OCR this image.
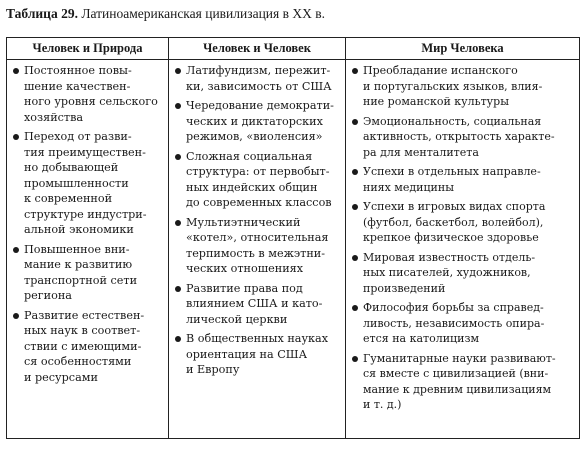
Таблица 29. Латиноамериканская цивилизация в XX в.
Человек и Природа	Человек и Человек	Мир Человека
Постоянное повы-
шение качествен-
ного уровня сельского
хозяйства
Переход от разви-
тия преимуществен-
но добывающей
промышленности
к современной
структуре индустри-
альной экономики
Повышенное вни-
мание к развитию
транспортной сети
региона
Развитие естествен-
ных наук в соответ-
ствии с имеющими-
ся особенностями
и ресурсами
Латифундизм, пережит-
ки, зависимость от США
Чередование демократи-
ческих и диктаторских
режимов, «виоленсия»
Сложная социальная
структура: от первобыт-
ных индейских общин
до современных классов
Мультиэтнический
«котел», относительная
терпимость в межэтни-
ческих отношениях
Развитие права под
влиянием США и като-
лической церкви
В общественных науках
ориентация на США
и Европу
Преобладание испанского
и португальских языков, влия-
ние романской культуры
Эмоциональность, социальная
активность, открытость характе-
ра для менталитета
Успехи в отдельных направле-
ниях медицины
Успехи в игровых видах спорта
(футбол, баскетбол, волейбол),
крепкое физическое здоровье
Мировая известность отдель-
ных писателей, художников,
произведений
Философия борьбы за справед-
ливость, независимость опира-
ется на католицизм
Гуманитарные науки развивают-
ся вместе с цивилизацией (вни-
мание к древним цивилизациям
и т. д.)
